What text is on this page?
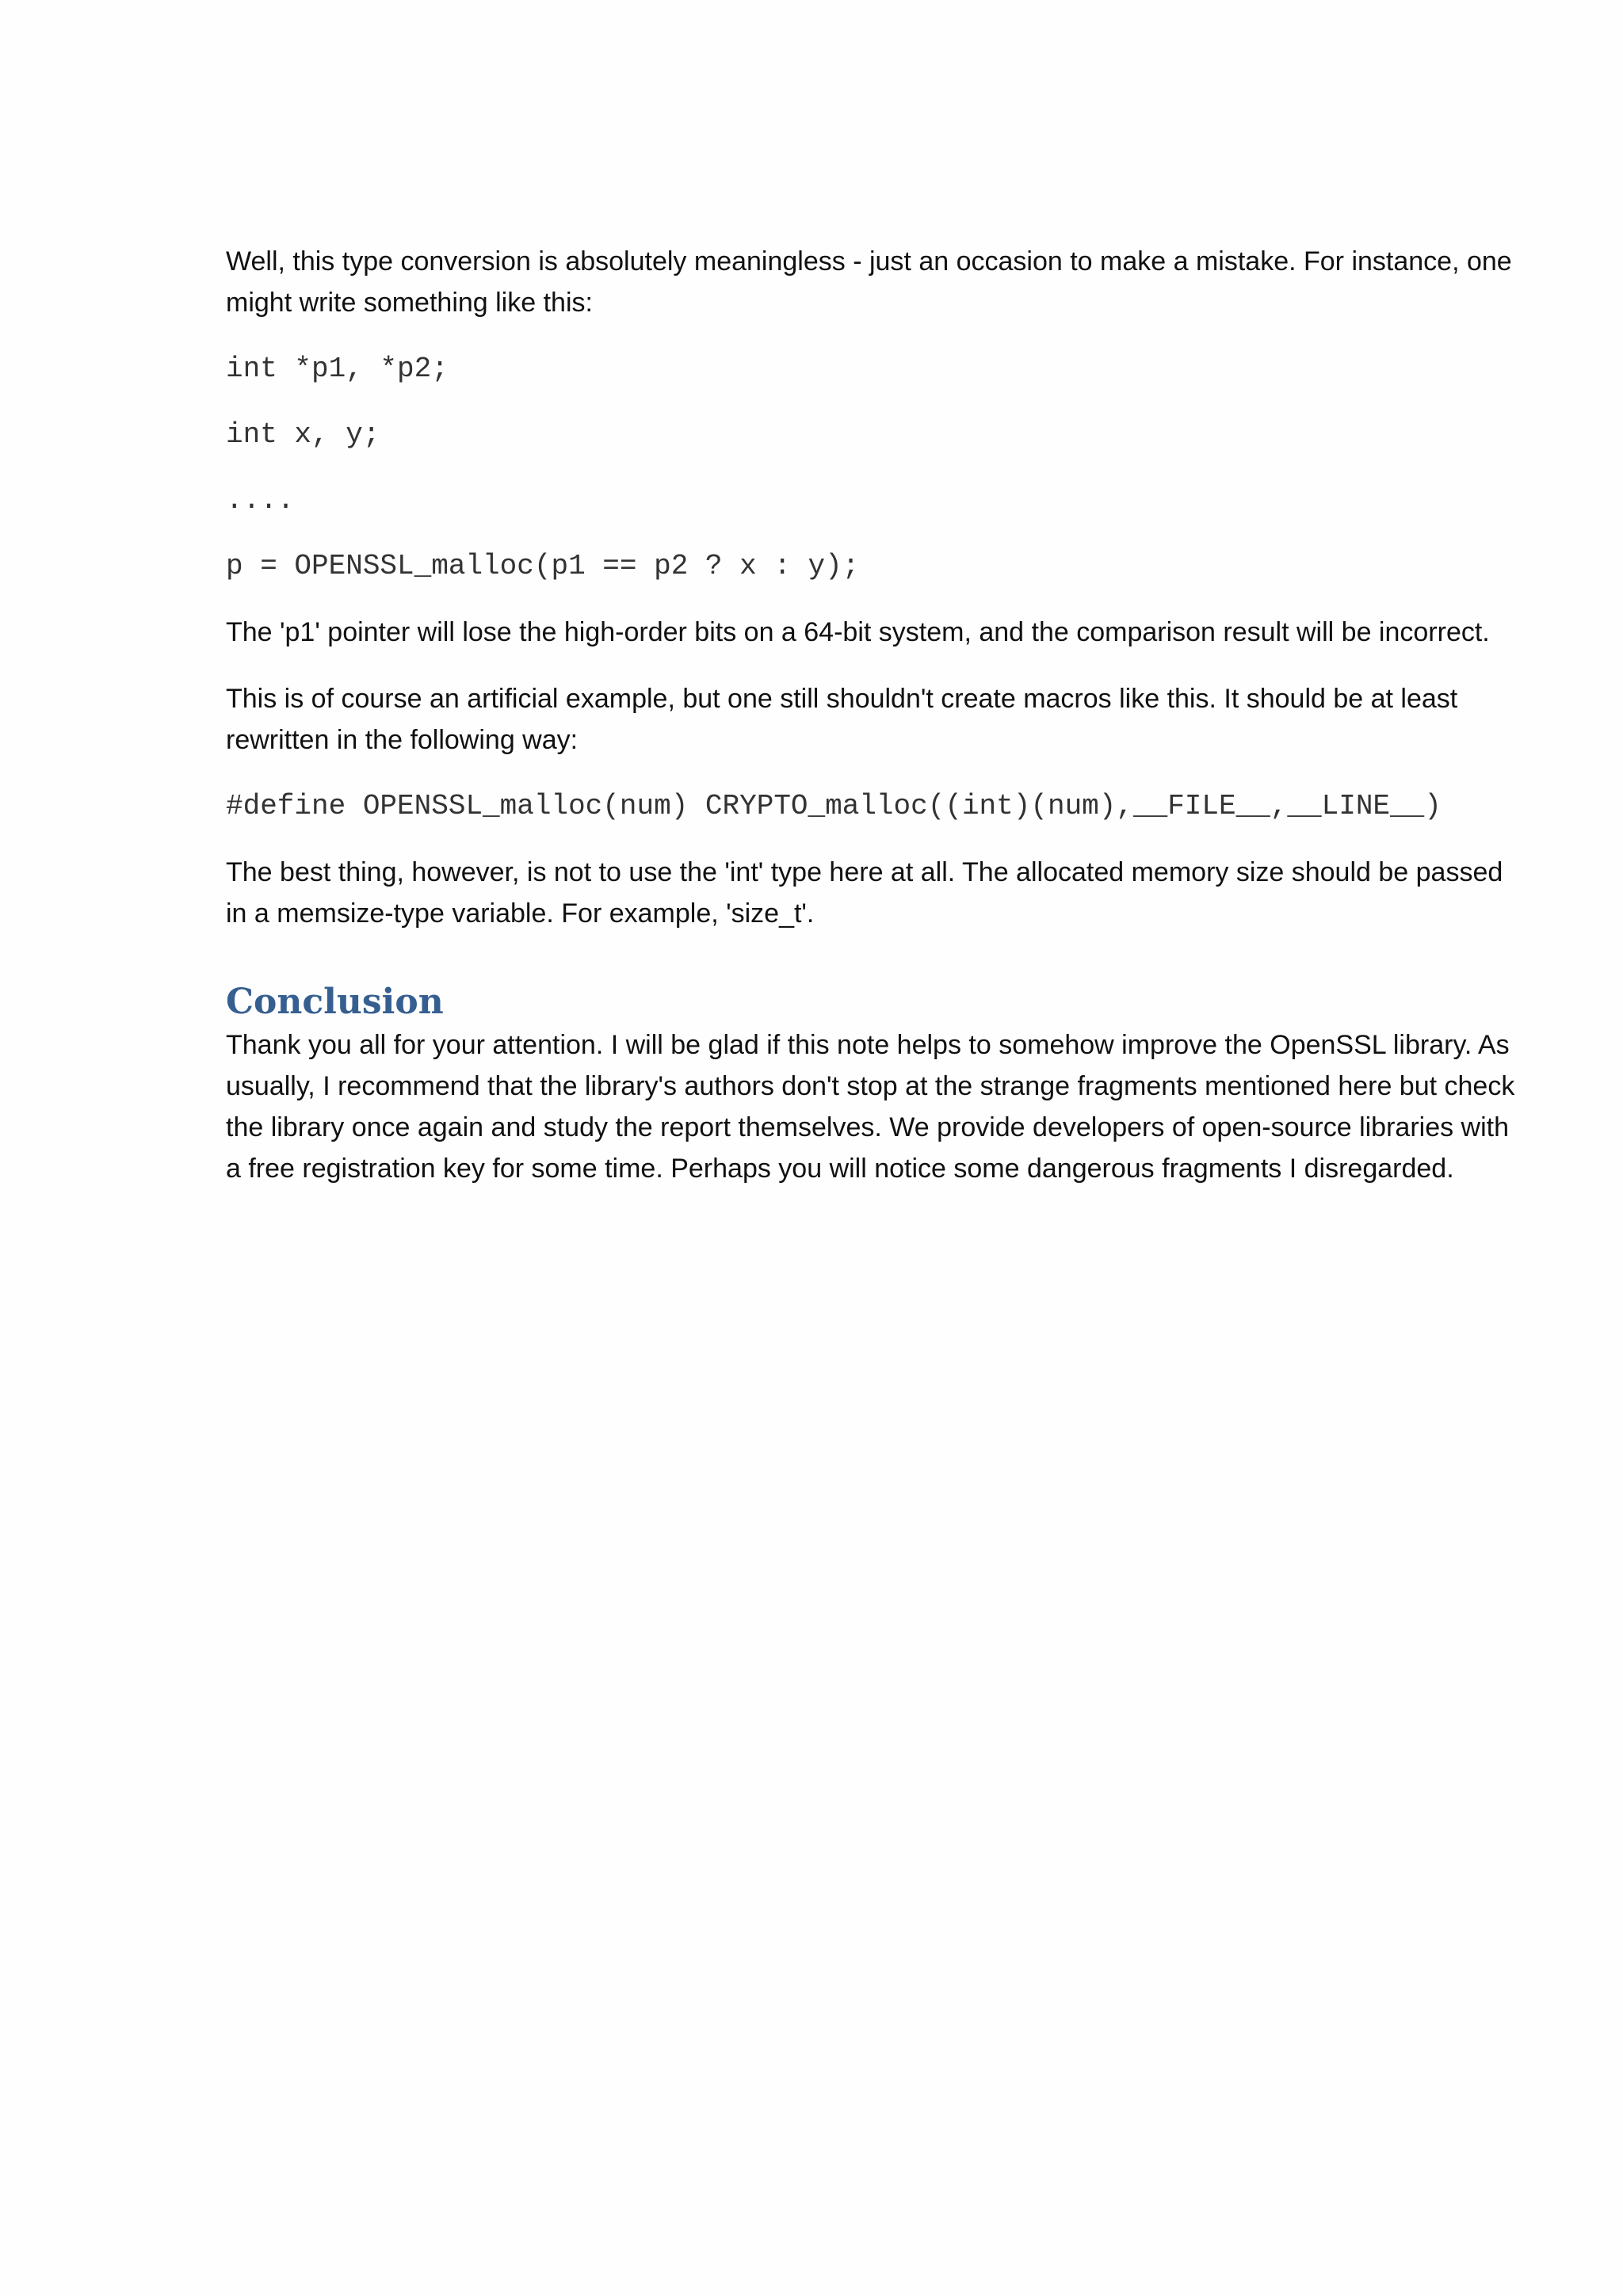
Well, this type conversion is absolutely meaningless - just an occasion to make a mistake. For instance, one might write something like this:

int *p1, *p2;
int x, y;
....
p = OPENSSL_malloc(p1 == p2 ? x : y);

The 'p1' pointer will lose the high-order bits on a 64-bit system, and the comparison result will be incorrect.

This is of course an artificial example, but one still shouldn't create macros like this. It should be at least rewritten in the following way:

#define OPENSSL_malloc(num) CRYPTO_malloc((int)(num),__FILE__,__LINE__)

The best thing, however, is not to use the 'int' type here at all. The allocated memory size should be passed in a memsize-type variable. For example, 'size_t'.

Conclusion

Thank you all for your attention. I will be glad if this note helps to somehow improve the OpenSSL library. As usually, I recommend that the library's authors don't stop at the strange fragments mentioned here but check the library once again and study the report themselves. We provide developers of open-source libraries with a free registration key for some time. Perhaps you will notice some dangerous fragments I disregarded.
